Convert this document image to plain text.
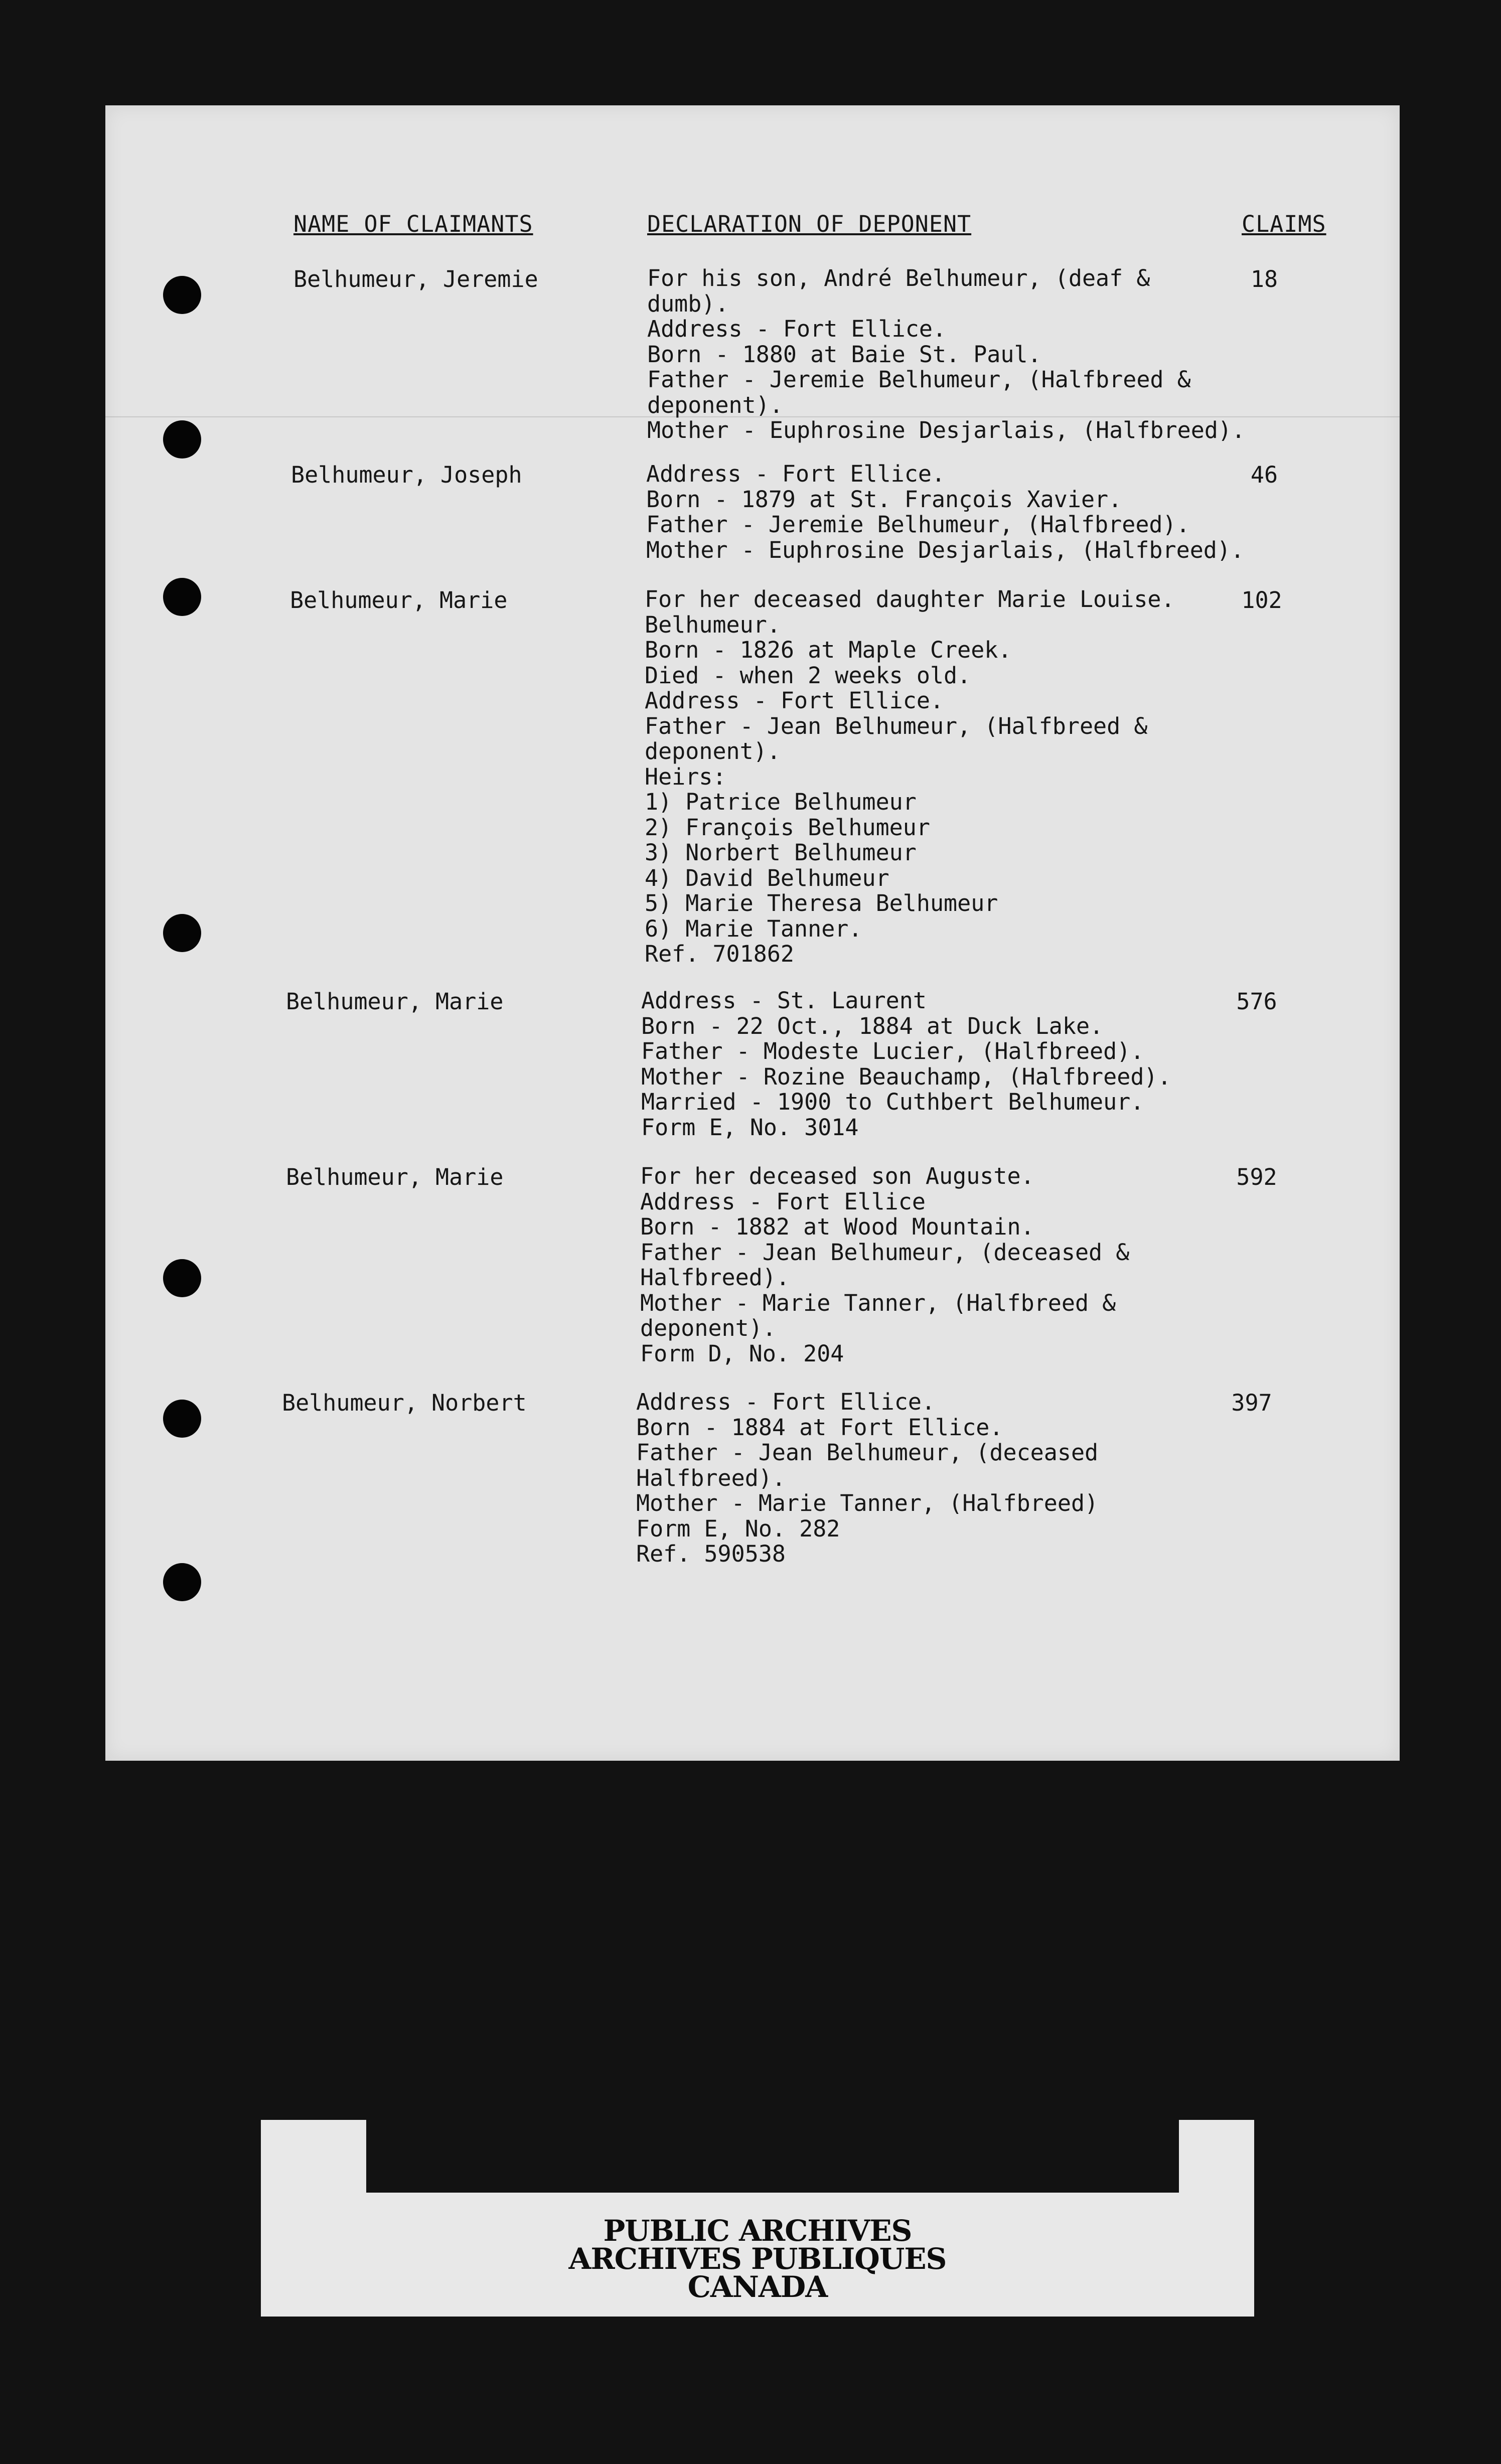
NAME OF CLAIMANTS	DECLARATION OF DEPONENT	CLAIMS
Belhumeur, Jeremie	For his son, André Belhumeur, (deaf &
dumb).
Address - Fort Ellice.
Born - 1880 at Baie St. Paul.
Father - Jeremie Belhumeur, (Halfbreed &
deponent).
Mother - Euphrosine Desjarlais, (Halfbreed).
18
Belhumeur, Joseph	Address - Fort Ellice.
Born - 1879 at St. François Xavier.
Father - Jeremie Belhumeur, (Halfbreed).
Mother - Euphrosine Desjarlais, (Halfbreed).
46
Belhumeur, Marie	For her deceased daughter Marie Louise.
Belhumeur.
Born - 1826 at Maple Creek.
Died - when 2 weeks old.
Address - Fort Ellice.
Father - Jean Belhumeur, (Halfbreed &
deponent).
Heirs:
1) Patrice Belhumeur
2) François Belhumeur
3) Norbert Belhumeur
4) David Belhumeur
5) Marie Theresa Belhumeur
6) Marie Tanner.
Ref. 701862
102
Belhumeur, Marie	Address - St. Laurent
Born - 22 Oct., 1884 at Duck Lake.
Father - Modeste Lucier, (Halfbreed).
Mother - Rozine Beauchamp, (Halfbreed).
Married - 1900 to Cuthbert Belhumeur.
Form E, No. 3014
576
Belhumeur, Marie	For her deceased son Auguste.
Address - Fort Ellice
Born - 1882 at Wood Mountain.
Father - Jean Belhumeur, (deceased &
Halfbreed).
Mother - Marie Tanner, (Halfbreed &
deponent).
Form D, No. 204
592
Belhumeur, Norbert	Address - Fort Ellice.
Born - 1884 at Fort Ellice.
Father - Jean Belhumeur, (deceased
Halfbreed).
Mother - Marie Tanner, (Halfbreed)
Form E, No. 282
Ref. 590538
397
PUBLIC ARCHIVES
ARCHIVES PUBLIQUES
CANADA
